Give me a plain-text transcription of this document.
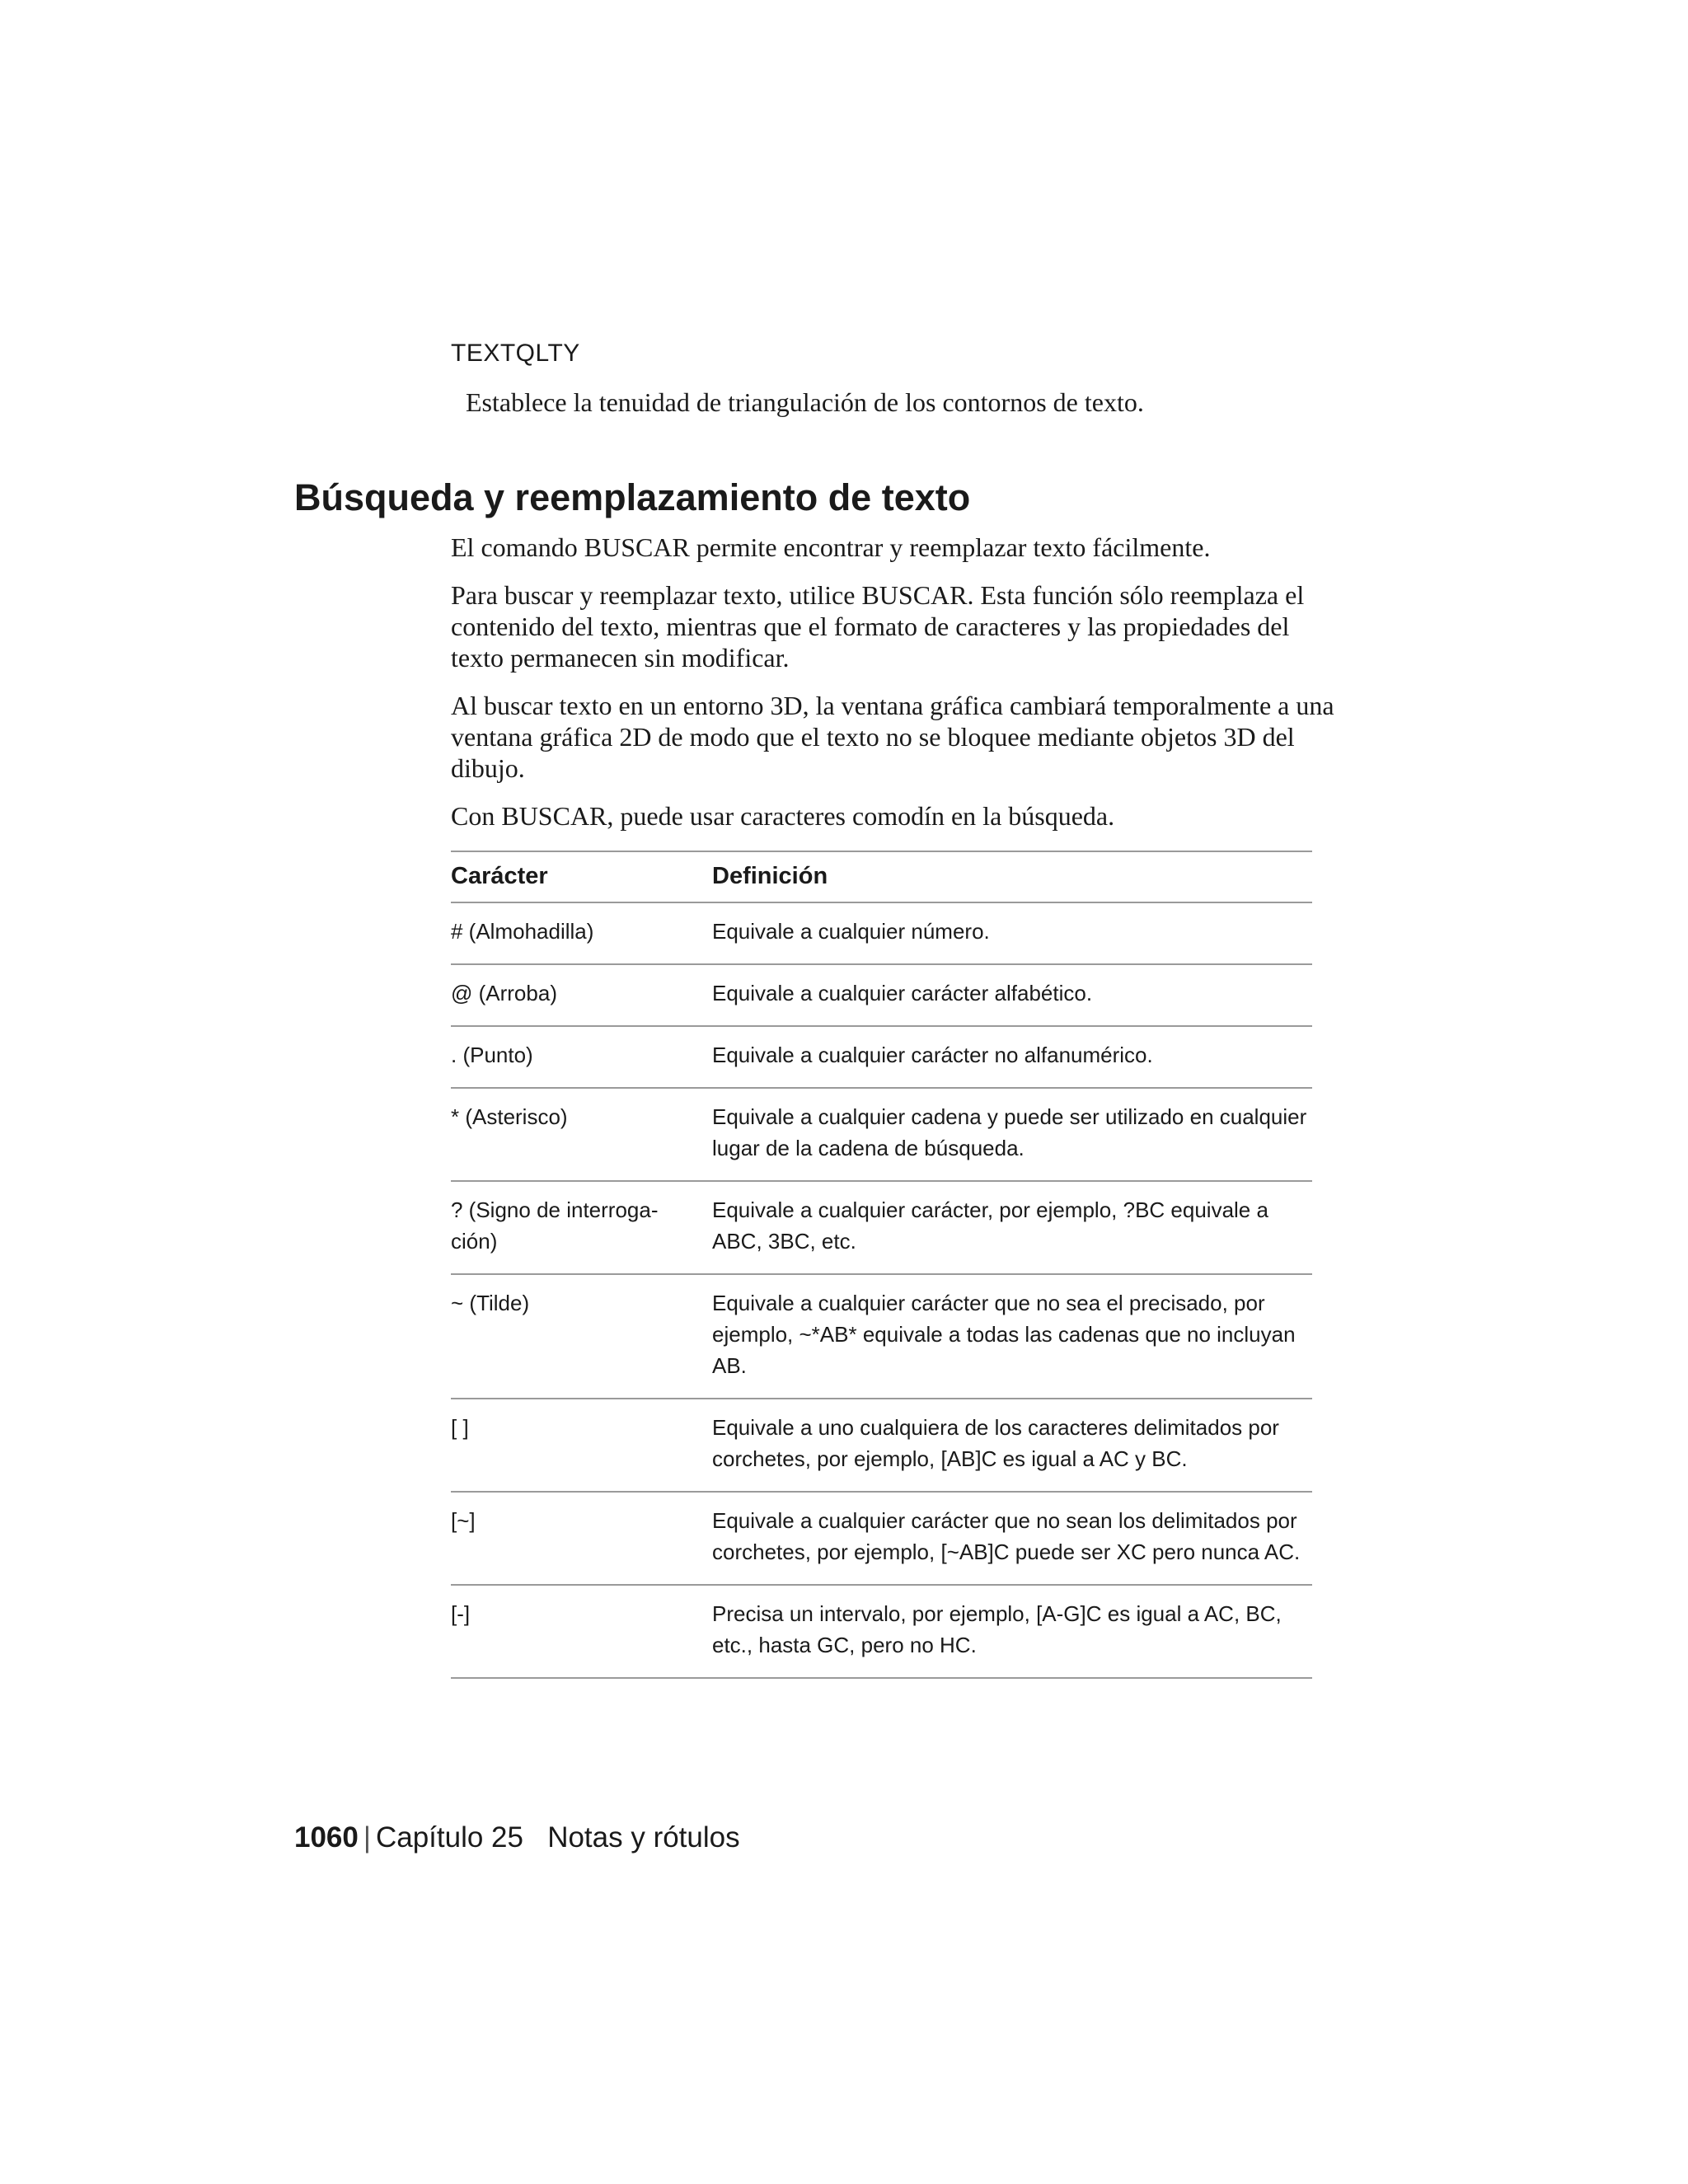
TEXTQLTY
Establece la tenuidad de triangulación de los contornos de texto.
Búsqueda y reemplazamiento de texto

El comando BUSCAR permite encontrar y reemplazar texto fácilmente.

Para buscar y reemplazar texto, utilice BUSCAR. Esta función sólo reemplaza el contenido del texto, mientras que el formato de caracteres y las propiedades del texto permanecen sin modificar.

Al buscar texto en un entorno 3D, la ventana gráfica cambiará temporalmente a una ventana gráfica 2D de modo que el texto no se bloquee mediante objetos 3D del dibujo.

Con BUSCAR, puede usar caracteres comodín en la búsqueda.

Carácter	Definición
# (Almohadilla)	Equivale a cualquier número.
@ (Arroba)	Equivale a cualquier carácter alfabético.
. (Punto)	Equivale a cualquier carácter no alfanumérico.
* (Asterisco)	Equivale a cualquier cadena y puede ser utilizado en cualquier lugar de la cadena de búsqueda.
? (Signo de interroga-ción)	Equivale a cualquier carácter, por ejemplo, ?BC equivale a ABC, 3BC, etc.
~ (Tilde)	Equivale a cualquier carácter que no sea el precisado, por ejemplo, ~*AB* equivale a todas las cadenas que no incluyan AB.
[ ]	Equivale a uno cualquiera de los caracteres delimitados por corchetes, por ejemplo, [AB]C es igual a AC y BC.
[~]	Equivale a cualquier carácter que no sean los delimitados por corchetes, por ejemplo, [~AB]C puede ser XC pero nunca AC.
[-]	Precisa un intervalo, por ejemplo, [A-G]C es igual a AC, BC, etc., hasta GC, pero no HC.
1060 | Capítulo 25 Notas y rótulos
